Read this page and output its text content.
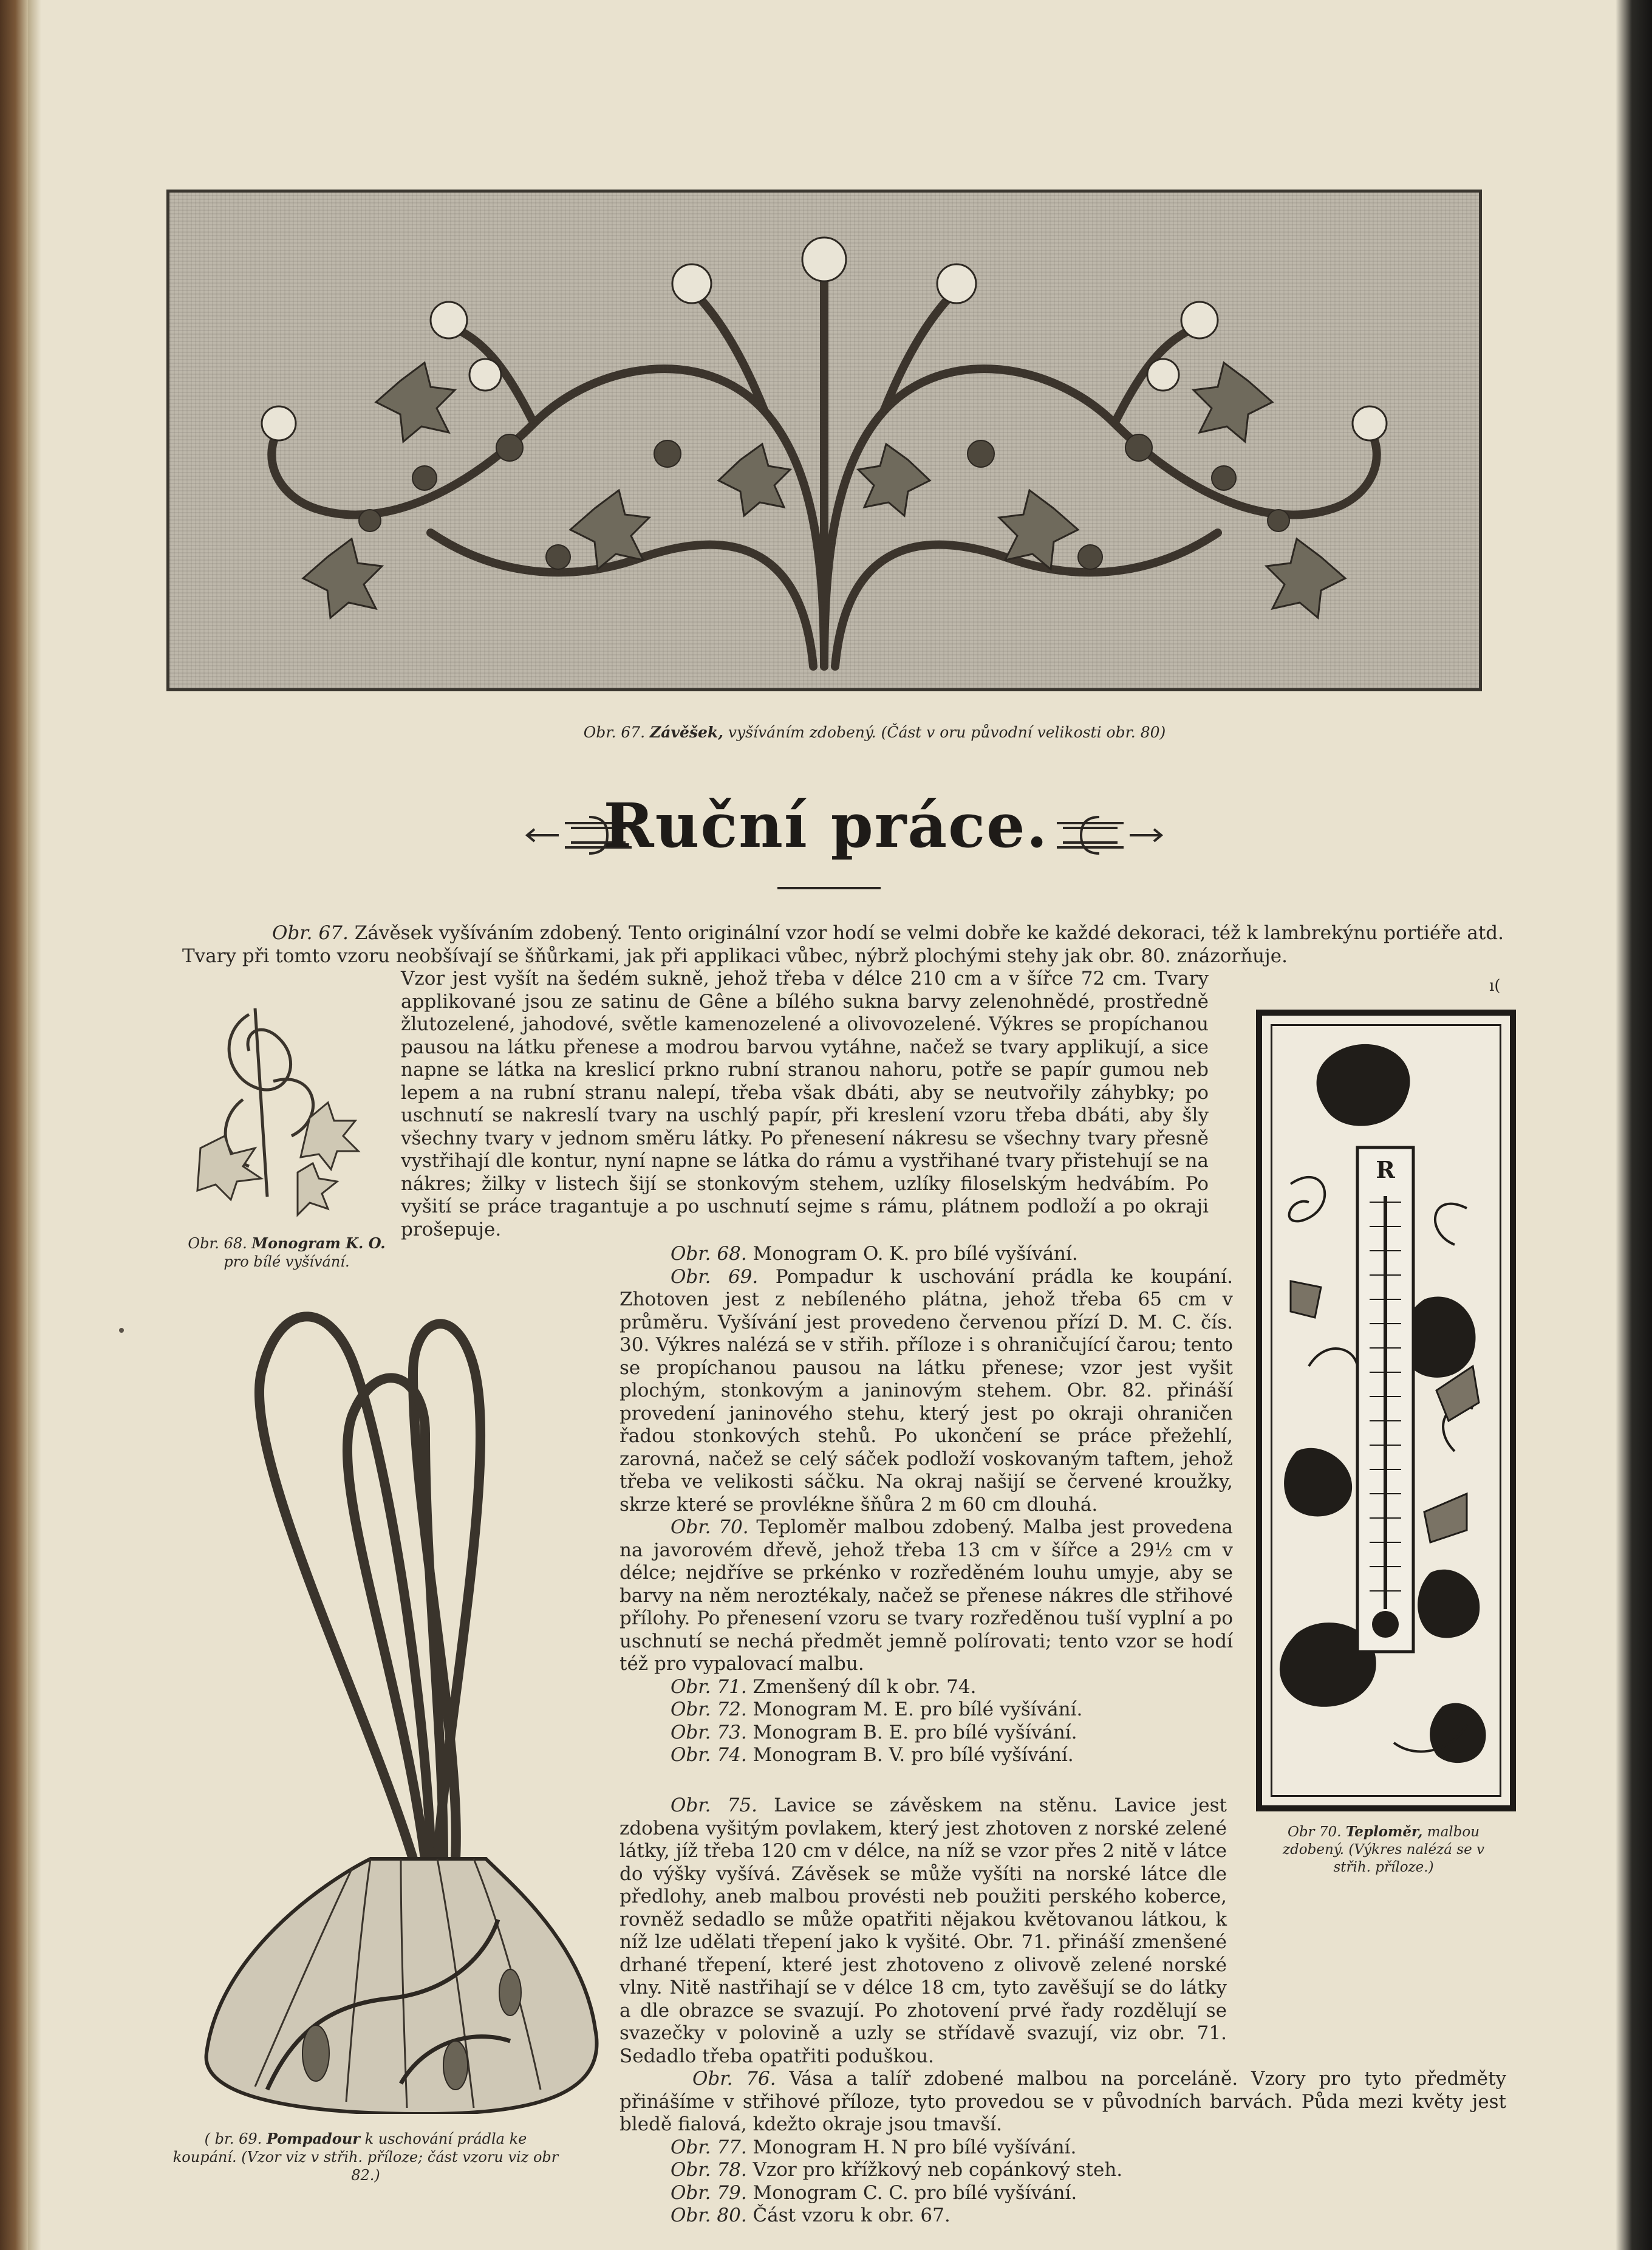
Obr. 67. Závěšek, vyšíváním zdobený. (Část v oru původní velikosti obr. 80)
Ruční práce.

Obr. 67. Závěsek vyšíváním zdobený. Tento originální vzor hodí se velmi dobře ke každé dekoraci, též k lambrekýnu portiéře atd. Tvary při tomto vzoru neobšívají se šňůrkami, jak při applikaci vůbec, nýbrž plochými stehy jak obr. 80. znázorňuje.

ı(
Obr. 68. Monogram K. O.
pro bílé vyšívání.

Vzor jest vyšít na šedém sukně, jehož třeba v délce 210 cm a v šířce 72 cm. Tvary applikované jsou ze satinu de Gêne a bílého sukna barvy zelenohnědé, prostředně žlutozelené, jahodové, světle kamenozelené a olivovozelené. Výkres se propíchanou pausou na látku přenese a modrou barvou vytáhne, načež se tvary applikují, a sice napne se látka na kreslicí prkno rubní stranou nahoru, potře se papír gumou neb lepem a na rubní stranu nalepí, třeba však dbáti, aby se neutvořily záhybky; po uschnutí se nakreslí tvary na uschlý papír, při kreslení vzoru třeba dbáti, aby šly všechny tvary v jednom směru látky. Po přenesení nákresu se všechny tvary přesně vystřihají dle kontur, nyní napne se látka do rámu a vystřihané tvary přistehují se na nákres; žilky v listech šijí se stonkovým stehem, uzlíky filoselským hedvábím. Po vyšití se práce tragantuje a po uschnutí sejme s rámu, plátnem podloží a po okraji prošepuje.

( br. 69. Pompadour k uschování prádla ke koupání. (Vzor viz v střih. příloze; část vzoru viz obr 82.)
R
Obr 70. Teploměr, malbou zdobený. (Výkres nalézá se v střih. příloze.)

Obr. 68. Monogram O. K. pro bílé vyšívání.

Obr. 69. Pompadur k uschování prádla ke koupání. Zhotoven jest z nebíleného plátna, jehož třeba 65 cm v průměru. Vyšívání jest provedeno červenou přízí D. M. C. čís. 30. Výkres nalézá se v střih. příloze i s ohraničující čarou; tento se propíchanou pausou na látku přenese; vzor jest vyšit plochým, stonkovým a janinovým stehem. Obr. 82. přináší provedení janinového stehu, který jest po okraji ohraničen řadou stonkových stehů. Po ukončení se práce přežehlí, zarovná, načež se celý sáček podloží voskovaným taftem, jehož třeba ve velikosti sáčku. Na okraj našijí se červené kroužky, skrze které se provlékne šňůra 2 m 60 cm dlouhá.

Obr. 70. Teploměr malbou zdobený. Malba jest provedena na javorovém dřevě, jehož třeba 13 cm v šířce a 29½ cm v délce; nejdříve se prkénko v rozředěném louhu umyje, aby se barvy na něm neroztékaly, načež se přenese nákres dle střihové přílohy. Po přenesení vzoru se tvary rozředěnou tuší vyplní a po uschnutí se nechá předmět jemně polírovati; tento vzor se hodí též pro vypalovací malbu.

Obr. 71. Zmenšený díl k obr. 74.

Obr. 72. Monogram M. E. pro bílé vyšívání.

Obr. 73. Monogram B. E. pro bílé vyšívání.

Obr. 74. Monogram B. V. pro bílé vyšívání.

Obr. 75. Lavice se závěskem na stěnu. Lavice jest zdobena vyšitým povlakem, který jest zhotoven z norské zelené látky, jíž třeba 120 cm v délce, na níž se vzor přes 2 nitě v látce do výšky vyšívá. Závěsek se může vyšíti na norské látce dle předlohy, aneb malbou provésti neb použiti perského koberce, rovněž sedadlo se může opatřiti nějakou květovanou látkou, k níž lze udělati třepení jako k vyšité. Obr. 71. přináší zmenšené drhané třepení, které jest zhotoveno z olivově zelené norské vlny. Nitě nastřihají se v délce 18 cm, tyto zavěšují se do látky a dle obrazce se svazují. Po zhotovení prvé řady rozdělují se svazečky v polovině a uzly se střídavě svazují, viz obr. 71. Sedadlo třeba opatřiti poduškou.

Obr. 76. Vása a talíř zdobené malbou na porceláně. Vzory pro tyto předměty přinášíme v střihové příloze, tyto provedou se v původních barvách. Půda mezi květy jest bledě fialová, kdežto okraje jsou tmavší.

Obr. 77. Monogram H. N pro bílé vyšívání.

Obr. 78. Vzor pro křížkový neb copánkový steh.

Obr. 79. Monogram C. C. pro bílé vyšívání.

Obr. 80. Část vzoru k obr. 67.
